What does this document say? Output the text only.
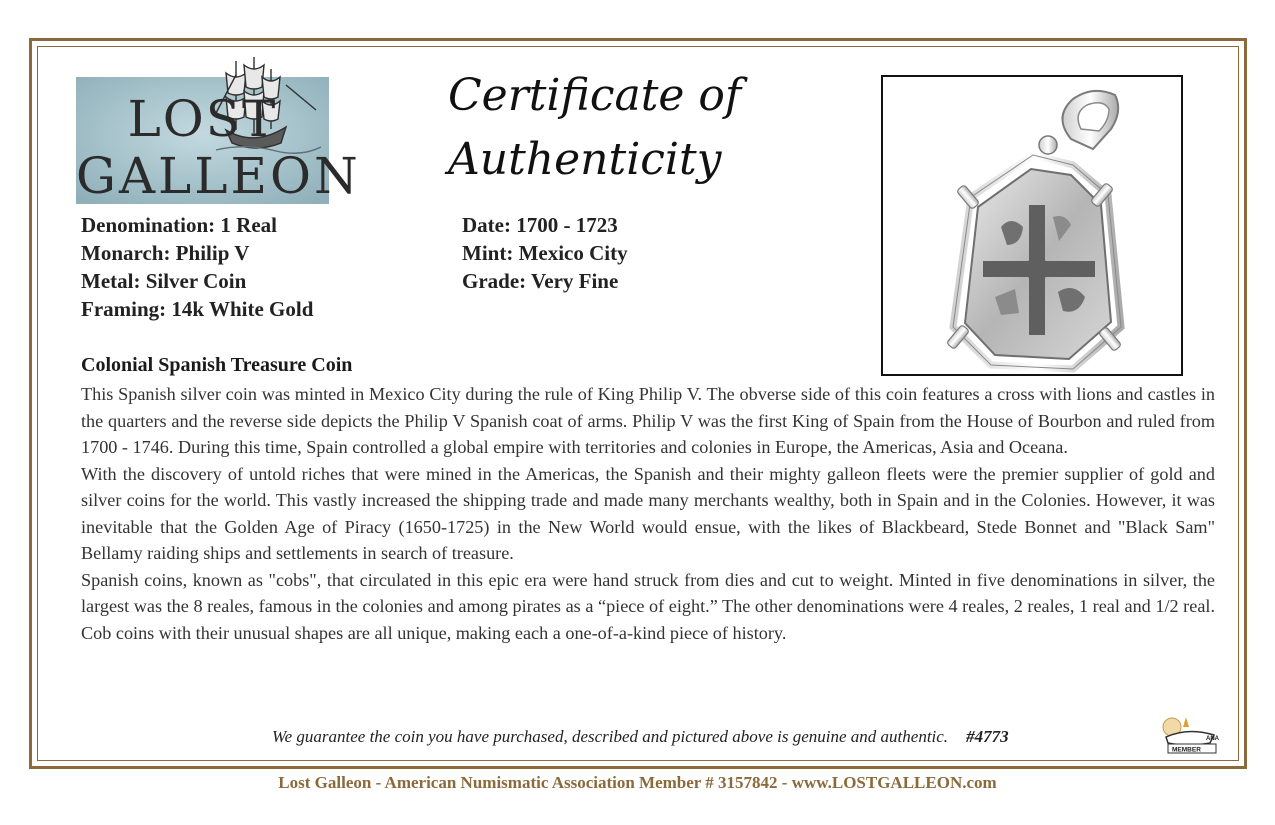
LOST
GALLEON
Certificate of
Authenticity
Denomination: 1 Real
Monarch: Philip V
Metal: Silver Coin
Framing: 14k White Gold
Date: 1700 - 1723
Mint: Mexico City
Grade: Very Fine
Colonial Spanish Treasure Coin

This Spanish silver coin was minted in Mexico City during the rule of King Philip V. The obverse side of this coin features a cross with lions and castles in the quarters and the reverse side depicts the Philip V Spanish coat of arms. Philip V was the first King of Spain from the House of Bourbon and ruled from 1700 - 1746. During this time, Spain controlled a global empire with territories and colonies in Europe, the Americas, Asia and Oceana.

With the discovery of untold riches that were mined in the Americas, the Spanish and their mighty galleon fleets were the premier supplier of gold and silver coins for the world. This vastly increased the shipping trade and made many merchants wealthy, both in Spain and in the Colonies. However, it was inevitable that the Golden Age of Piracy (1650-1725) in the New World would ensue, with the likes of Blackbeard, Stede Bonnet and "Black Sam" Bellamy raiding ships and settlements in search of treasure.

Spanish coins, known as "cobs", that circulated in this epic era were hand struck from dies and cut to weight. Minted in five denominations in silver, the largest was the 8 reales, famous in the colonies and among pirates as a “piece of eight.” The other denominations were 4 reales, 2 reales, 1 real and 1/2 real. Cob coins with their unusual shapes are all unique, making each a one-of-a-kind piece of history.

We guarantee the coin you have purchased, described and pictured above is genuine and authentic. #4773	ANA
MEMBER
Lost Galleon - American Numismatic Association Member # 3157842 - www.LOSTGALLEON.com
